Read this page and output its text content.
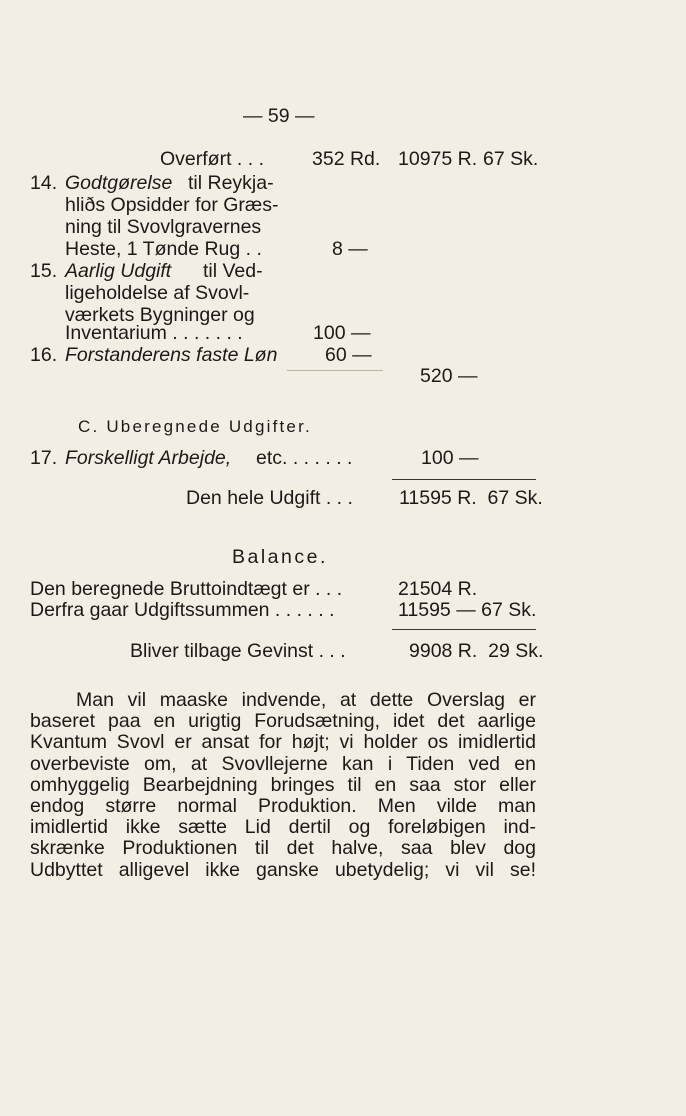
— 59 —
Overført . . . 352 Rd. 10975 R. 67 Sk.
14. Godtgørelse til Reykja-
hliðs Opsidder for Græs-
ning til Svovlgravernes
Heste, 1 Tønde Rug . .	8 —
15. Aarlig Udgift til Ved-
ligeholdelse af Svovl-
værkets Bygninger og
Inventarium . . . . . . .	100 —
16. Forstanderens faste Løn 60 —
520 —
C. Uberegnede Udgifter.
17. Forskelligt Arbejde, etc. . . . . . .	100 —
Den hele Udgift . . . 11595 R.  67 Sk.
Balance.
Den beregnede Bruttoindtægt er . . .	21504 R.
Derfra gaar Udgiftssummen . . . . . .	11595 — 67 Sk.
Bliver tilbage Gevinst . . .	9908 R.  29 Sk.
Man vil maaske indvende, at dette Overslag er
baseret paa en urigtig Forudsætning, idet det aarlige
Kvantum Svovl er ansat for højt; vi holder os imidlertid
overbeviste om, at Svovllejerne kan i Tiden ved en
omhyggelig Bearbejdning bringes til en saa stor eller
endog større normal Produktion. Men vilde man
imidlertid ikke sætte Lid dertil og foreløbigen ind-
skrænke Produktionen til det halve, saa blev dog
Udbyttet alligevel ikke ganske ubetydelig; vi vil se!
